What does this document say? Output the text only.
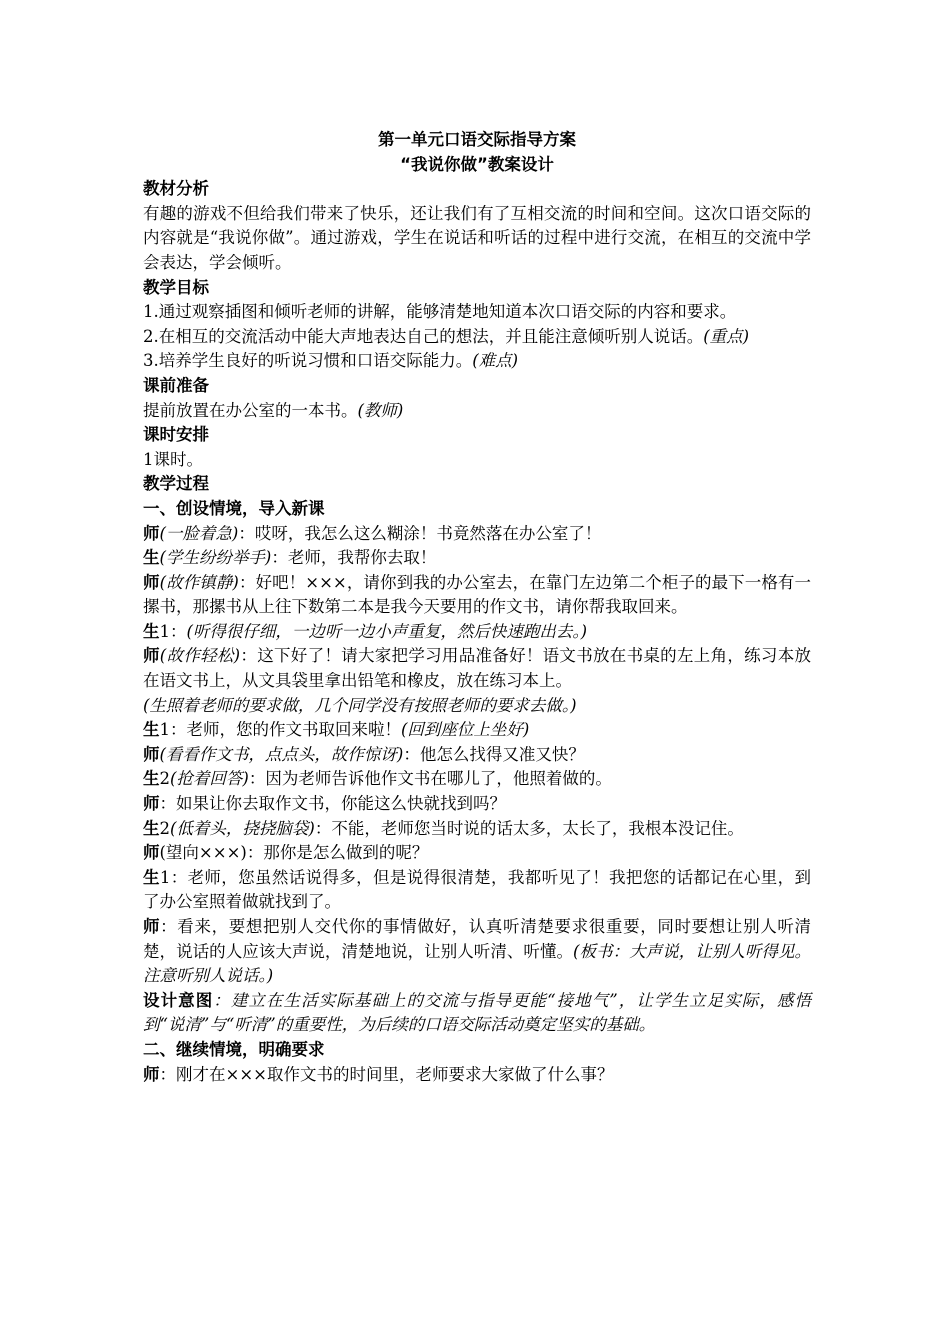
第一单元口语交际指导方案
“我说你做”教案设计
教材分析
有趣的游戏不但给我们带来了快乐，还让我们有了互相交流的时间和空间。这次口语交际的内容就是“我说你做”。通过游戏，学生在说话和听话的过程中进行交流，在相互的交流中学会表达，学会倾听。
教学目标
1.通过观察插图和倾听老师的讲解，能够清楚地知道本次口语交际的内容和要求。
2.在相互的交流活动中能大声地表达自己的想法，并且能注意倾听别人说话。(重点)
3.培养学生良好的听说习惯和口语交际能力。(难点)
课前准备
提前放置在办公室的一本书。(教师)
课时安排
1课时。
教学过程
一、创设情境，导入新课
师(一脸着急)：哎呀，我怎么这么糊涂！书竟然落在办公室了！
生(学生纷纷举手)：老师，我帮你去取！
师(故作镇静)：好吧！×××，请你到我的办公室去，在靠门左边第二个柜子的最下一格有一摞书，那摞书从上往下数第二本是我今天要用的作文书，请你帮我取回来。
生1：(听得很仔细，一边听一边小声重复，然后快速跑出去。)
师(故作轻松)：这下好了！请大家把学习用品准备好！语文书放在书桌的左上角，练习本放在语文书上，从文具袋里拿出铅笔和橡皮，放在练习本上。
(生照着老师的要求做，几个同学没有按照老师的要求去做。)
生1：老师，您的作文书取回来啦！(回到座位上坐好)
师(看看作文书，点点头，故作惊讶)：他怎么找得又准又快？
生2(抢着回答)：因为老师告诉他作文书在哪儿了，他照着做的。
师：如果让你去取作文书，你能这么快就找到吗？
生2(低着头，挠挠脑袋)：不能，老师您当时说的话太多，太长了，我根本没记住。
师(望向×××)：那你是怎么做到的呢？
生1：老师，您虽然话说得多，但是说得很清楚，我都听见了！我把您的话都记在心里，到了办公室照着做就找到了。
师：看来，要想把别人交代你的事情做好，认真听清楚要求很重要，同时要想让别人听清楚，说话的人应该大声说，清楚地说，让别人听清、听懂。(板书：大声说，让别人听得见。注意听别人说话。)
设计意图：建立在生活实际基础上的交流与指导更能“接地气”，让学生立足实际，感悟到“说清”与“听清”的重要性，为后续的口语交际活动奠定坚实的基础。
二、继续情境，明确要求
师：刚才在×××取作文书的时间里，老师要求大家做了什么事？
